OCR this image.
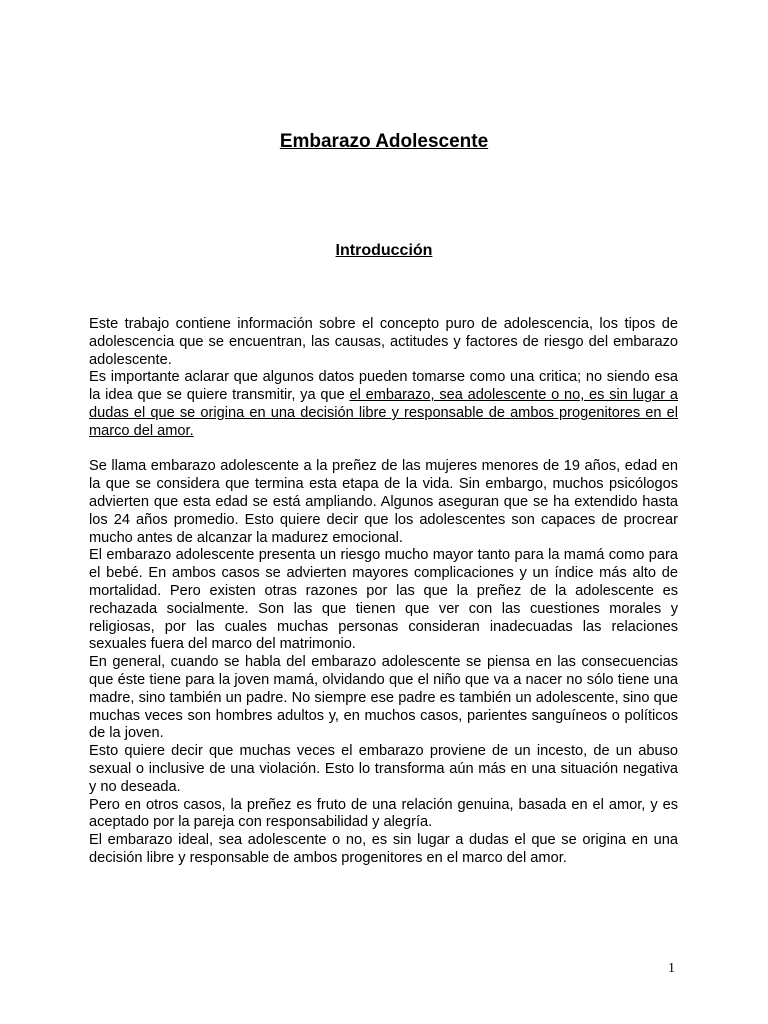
Embarazo Adolescente
Introducción

Este trabajo contiene información sobre el concepto puro de adolescencia, los tipos de adolescencia que se encuentran, las causas, actitudes y factores de riesgo del embarazo adolescente.

Es importante aclarar que algunos datos pueden tomarse como una critica; no siendo esa la idea que se quiere transmitir, ya que el embarazo, sea adolescente o no, es sin lugar a dudas el que se origina en una decisión libre y responsable de ambos progenitores en el marco del amor.

Se llama embarazo adolescente a la preñez de las mujeres menores de 19 años, edad en la que se considera que termina esta etapa de la vida. Sin embargo, muchos psicólogos advierten que esta edad se está ampliando. Algunos aseguran que se ha extendido hasta los 24 años promedio. Esto quiere decir que los adolescentes son capaces de procrear mucho antes de alcanzar la madurez emocional.

El embarazo adolescente presenta un riesgo mucho mayor tanto para la mamá como para el bebé. En ambos casos se advierten mayores complicaciones y un índice más alto de mortalidad. Pero existen otras razones por las que la preñez de la adolescente es rechazada socialmente. Son las que tienen que ver con las cuestiones morales y religiosas, por las cuales muchas personas consideran inadecuadas las relaciones sexuales fuera del marco del matrimonio.

En general, cuando se habla del embarazo adolescente se piensa en las consecuencias que éste tiene para la joven mamá, olvidando que el niño que va a nacer no sólo tiene una madre, sino también un padre. No siempre ese padre es también un adolescente, sino que muchas veces son hombres adultos y, en muchos casos, parientes sanguíneos o políticos de la joven.

Esto quiere decir que muchas veces el embarazo proviene de un incesto, de un abuso sexual o inclusive de una violación. Esto lo transforma aún más en una situación negativa y no deseada.

Pero en otros casos, la preñez es fruto de una relación genuina, basada en el amor, y es aceptado por la pareja con responsabilidad y alegría.

El embarazo ideal, sea adolescente o no, es sin lugar a dudas el que se origina en una decisión libre y responsable de ambos progenitores en el marco del amor.

1
